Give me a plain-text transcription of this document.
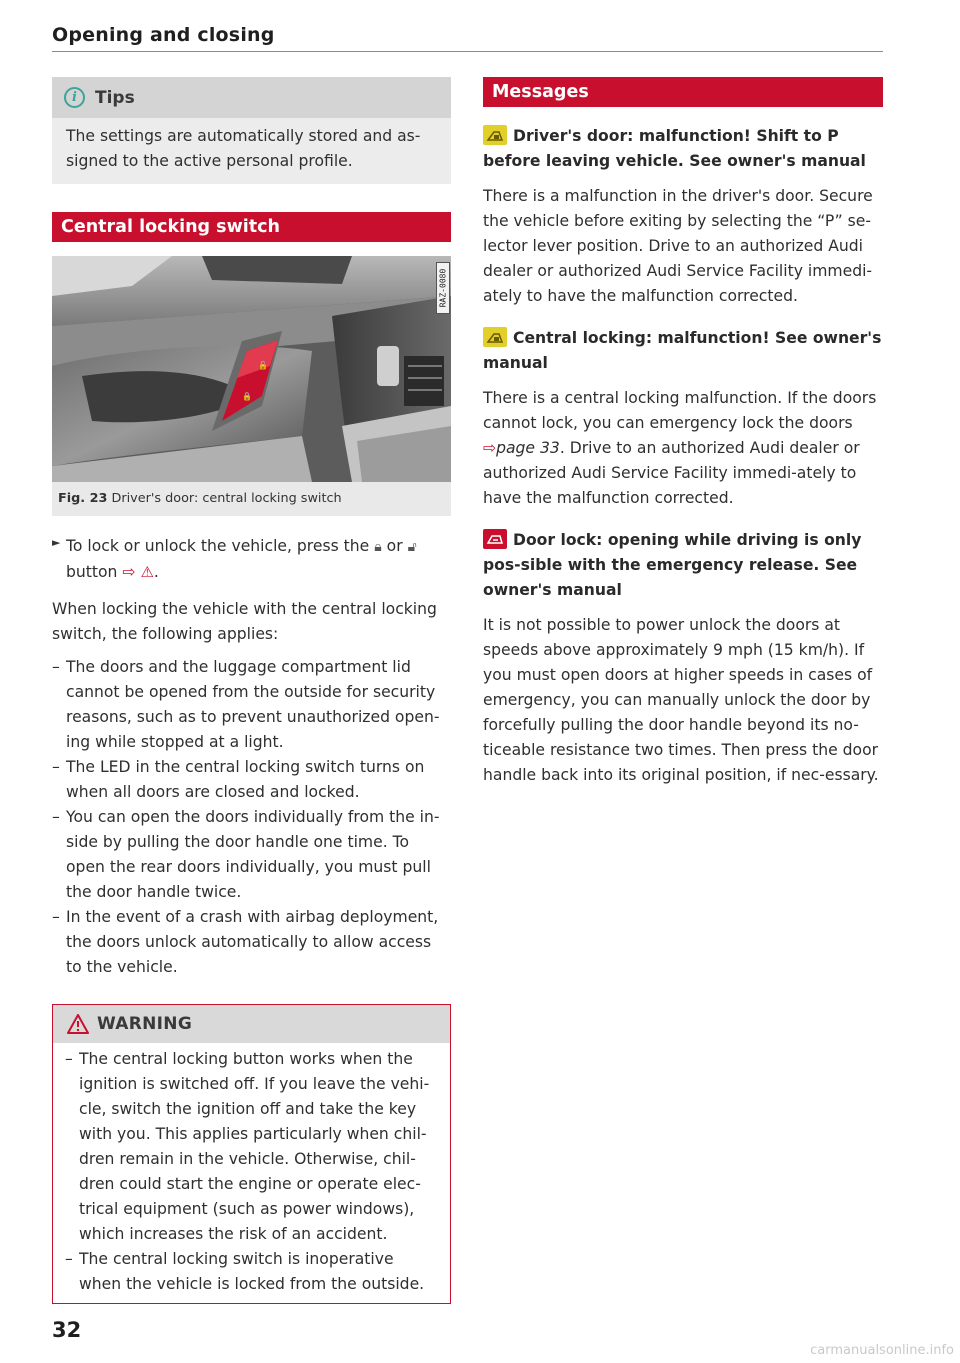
Opening and closing
i	Tips

The settings are automatically stored and as-signed to the active personal profile.

Central locking switch
🔓
🔒
RAZ-0080
Fig. 23 Driver's door: central locking switch
► To lock or unlock the vehicle, press the 🔒︎ or 🔓︎
button ⇨ ⚠︎.

When locking the vehicle with the central locking switch, the following applies:

– The doors and the luggage compartment lid cannot be opened from the outside for security reasons, such as to prevent unauthorized open-ing while stopped at a light.
– The LED in the central locking switch turns on when all doors are closed and locked.
– You can open the doors individually from the in-side by pulling the door handle one time. To open the rear doors individually, you must pull the door handle twice.
– In the event of a crash with airbag deployment, the doors unlock automatically to allow access to the vehicle.
WARNING
– The central locking button works when the ignition is switched off. If you leave the vehi-cle, switch the ignition off and take the key with you. This applies particularly when chil-dren remain in the vehicle. Otherwise, chil-dren could start the engine or operate elec-trical equipment (such as power windows), which increases the risk of an accident.
– The central locking switch is inoperative when the vehicle is locked from the outside.
Messages
Driver's door: malfunction! Shift to P before leaving vehicle. See owner's manual

There is a malfunction in the driver's door. Secure the vehicle before exiting by selecting the “P” se-lector lever position. Drive to an authorized Audi dealer or authorized Audi Service Facility immedi-ately to have the malfunction corrected.

Central locking: malfunction! See owner's manual

There is a central locking malfunction. If the doors cannot lock, you can emergency lock the doors ⇨page 33. Drive to an authorized Audi dealer or authorized Audi Service Facility immedi-ately to have the malfunction corrected.

Door lock: opening while driving is only pos-sible with the emergency release. See owner's manual

It is not possible to power unlock the doors at speeds above approximately 9 mph (15 km/h). If you must open doors at higher speeds in cases of emergency, you can manually unlock the door by forcefully pulling the door handle beyond its no-ticeable resistance two times. Then press the door handle back into its original position, if nec-essary.

32
carmanualsonline.info
